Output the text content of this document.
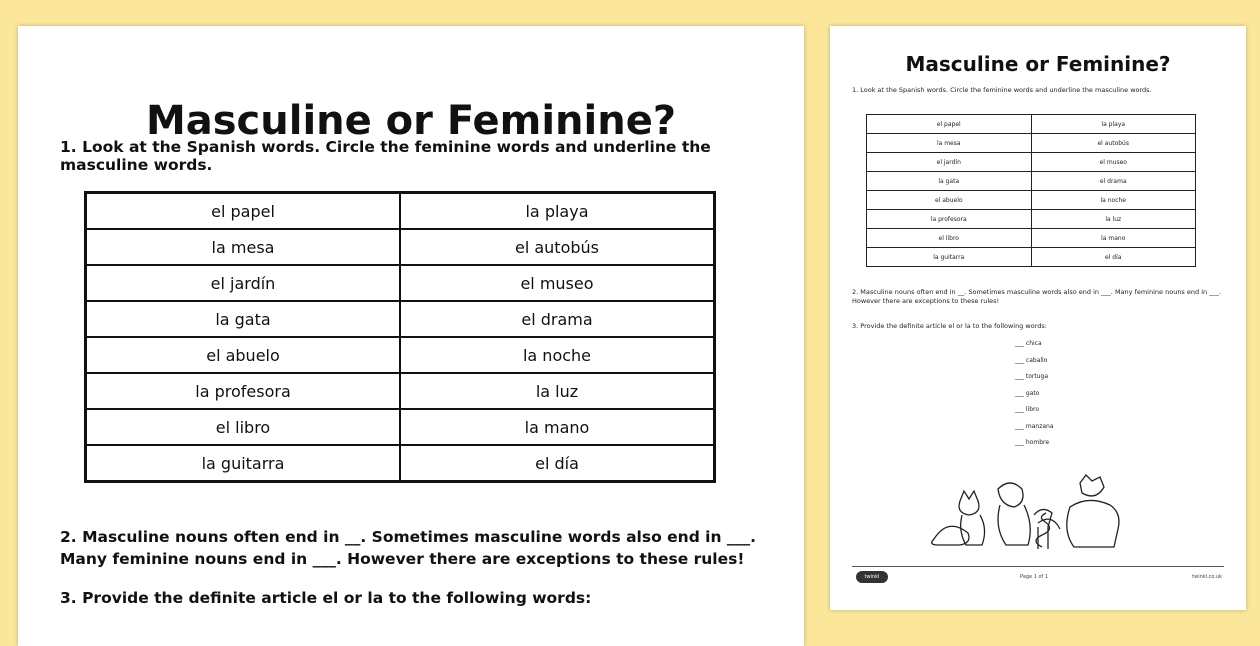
Masculine or Feminine?
1. Look at the Spanish words. Circle the feminine words and underline the masculine words.
el papel	la playa
la mesa	el autobús
el jardín	el museo
la gata	el drama
el abuelo	la noche
la profesora	la luz
el libro	la mano
la guitarra	el día
2. Masculine nouns often end in __. Sometimes masculine words also end in ___. Many feminine nouns end in ___. However there are exceptions to these rules!
3. Provide the definite article el or la to the following words:
Masculine or Feminine?
1. Look at the Spanish words. Circle the feminine words and underline the masculine words.
el papel	la playa
la mesa	el autobús
el jardín	el museo
la gata	el drama
el abuelo	la noche
la profesora	la luz
el libro	la mano
la guitarra	el día
2. Masculine nouns often end in __. Sometimes masculine words also end in ___. Many feminine nouns end in ___. However there are exceptions to these rules!
3. Provide the definite article el or la to the following words:
___ chica
___ caballo
___ tortuga
___ gato
___ libro
___ manzana
___ hombre
twinkl	Page 1 of 1	twinkl.co.uk
